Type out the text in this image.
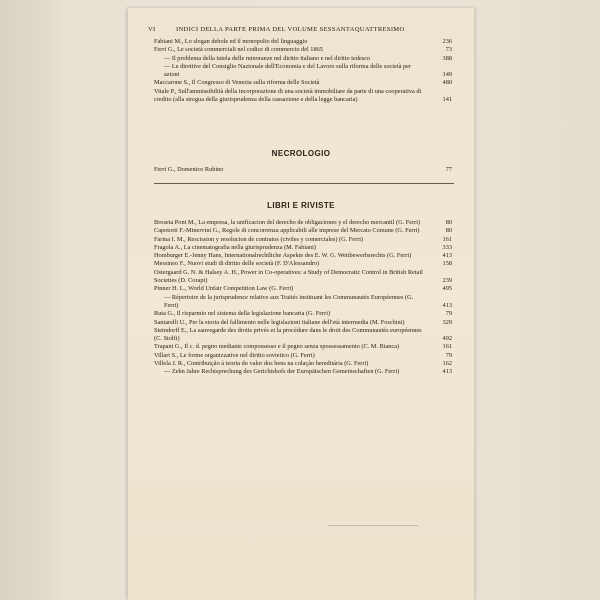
VI	INDICI DELLA PARTE PRIMA DEL VOLUME SESSANTAQUATTRESIMO
Fabiani M., Lo slogan debole ed il monopolio del linguaggio	236
Ferri G., Le società commerciali nel codice di commercio del 1865	73
— Il problema della tutela delle minoranze nel diritto italiano e nel diritto tedesco	388
— Le direttive del Consiglio Nazionale dell'Economia e del Lavoro sulla riforma delle società per azioni	149
Maccarone S., Il Congresso di Venezia sulla riforma delle Società	480
Vitale P., Sull'ammissibilità della incorporazione di una società immobiliare da parte di una cooperativa di credito (alla stregua della giurisprudenza della cassazione e della legge bancaria)	141
NECROLOGIO
Ferri G., Domenico Rubino	77
LIBRI E RIVISTE
Broseta Pont M., La empresa, la unificacion del derecho de obligaciones y el derecho mercantil (G. Ferri)	80
Capotorti F.-Minervini G., Regole di concorrenza applicabili alle imprese del Mercato Comune (G. Ferri)	80
Farina I. M., Rescission y resolucion de contratos (civiles y comerciales) (G. Ferri)	161
Fragola A., La cinematografia nella giurisprudenza (M. Fabiani)	333
Homburger E.-Jenny Hans, Internationalrechtliche Aspekte des E. W. G. Wettbewerbsrechts (G. Ferri)	413
Messineo F., Nuovi studi di diritto delle società (F. D'Alessandro)	158
Ostergaard G. N. & Halsey A. H., Power in Co-operatives: a Study of Democratic Control in British Retail Societies (D. Corapi)	239
Pinner H. L., World Unfair Competition Law (G. Ferri)	495
— Répertoire de la jurisprudence relative aux Traités instituant les Communautés Européennes (G. Ferri)	413
Ruta G., Il risparmio nel sistema della legislazione bancaria (G. Ferri)	79
Santarelli U., Per la storia del fallimento nelle legislazioni italiane dell'età intermedia (M. Foschini)	329
Steindorff E., La sauvegarde des droits privés et la procédure dans le droit des Communautés européennes (C. Stolfi)	492
Trapani G., Il c. d. pegno mediante compossesso e il pegno senza spossessamento (C. M. Bianca)	161
Villari S., Le forme organizzative nel diritto sovietico (G. Ferri)	79
Villela J. R., Contribuição à teoria do valor dos bens na colação hereditária (G. Ferri)	162
— Zehn Jahre Rechtsprechung des Gerichtshofs der Europäischen Gemeinschaften (G. Ferri)	413
